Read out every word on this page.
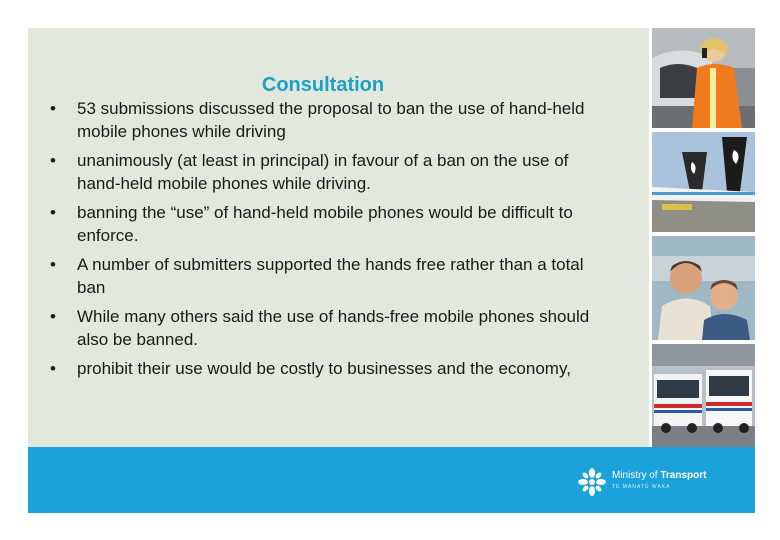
Consultation
• 53 submissions discussed the proposal to ban the use of hand-held mobile phones while driving
• unanimously (at least in principal) in favour of a ban on the use of hand-held mobile phones while driving.
• banning the “use” of hand-held mobile phones would be difficult to enforce.
• A number of submitters supported the hands free rather than a total ban
• While many others said the use of hands-free mobile phones should also be banned.
• prohibit their use would be costly to businesses and the economy,
Ministry of Transport
TE MANATŪ WAKA
